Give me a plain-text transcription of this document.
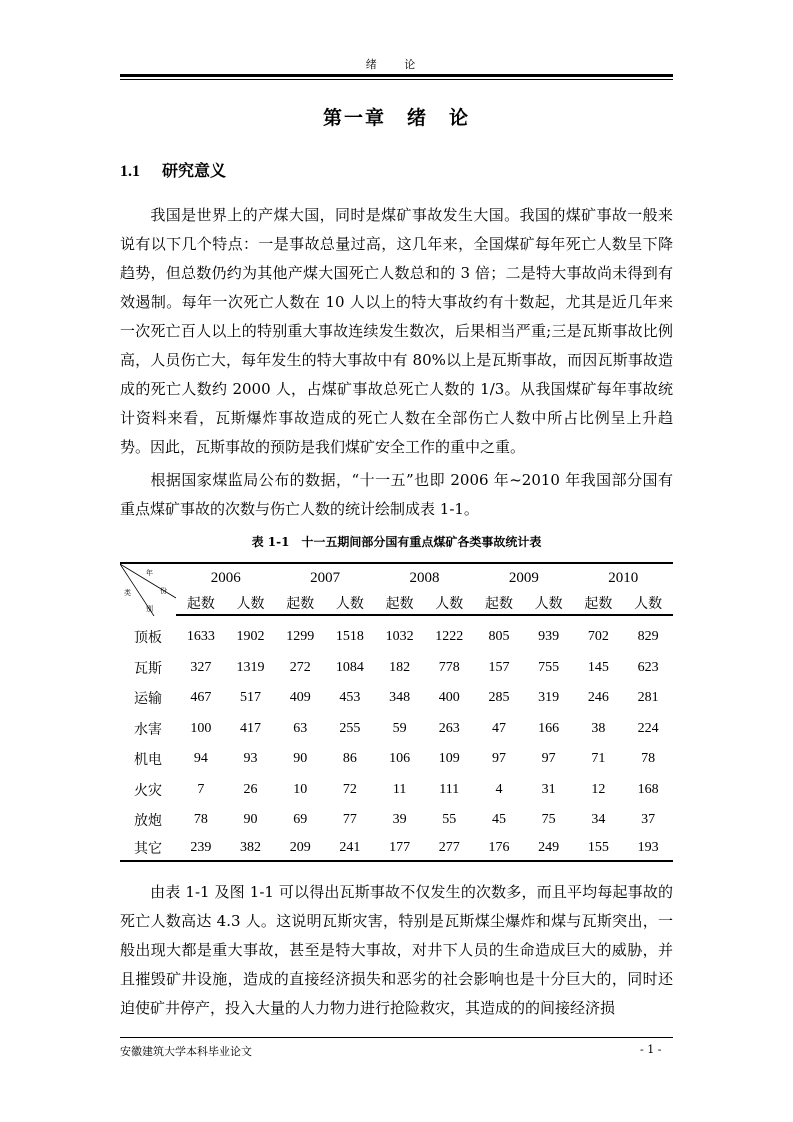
绪 论
第一章　绪　论
1.1 研究意义

我国是世界上的产煤大国，同时是煤矿事故发生大国。我国的煤矿事故一般来说有以下几个特点：一是事故总量过高，这几年来，全国煤矿每年死亡人数呈下降趋势，但总数仍约为其他产煤大国死亡人数总和的 3 倍；二是特大事故尚未得到有效遏制。每年一次死亡人数在 10 人以上的特大事故约有十数起，尤其是近几年来一次死亡百人以上的特别重大事故连续发生数次，后果相当严重;三是瓦斯事故比例高，人员伤亡大，每年发生的特大事故中有 80%以上是瓦斯事故，而因瓦斯事故造成的死亡人数约 2000 人，占煤矿事故总死亡人数的 1/3。从我国煤矿每年事故统计资料来看，瓦斯爆炸事故造成的死亡人数在全部伤亡人数中所占比例呈上升趋势。因此，瓦斯事故的预防是我们煤矿安全工作的重中之重。

根据国家煤监局公布的数据，“十一五”也即 2006 年~2010 年我国部分国有重点煤矿事故的次数与伤亡人数的统计绘制成表 1-1。

表 1-1　十一五期间部分国有重点煤矿各类事故统计表
年
份
类
别	2006		2007		2008		2009		2010	
	起数	人数	起数	人数	起数	人数	起数	人数	起数	人数
顶板	1633	1902	1299	1518	1032	1222	805	939	702	829
瓦斯	327	1319	272	1084	182	778	157	755	145	623
运输	467	517	409	453	348	400	285	319	246	281
水害	100	417	63	255	59	263	47	166	38	224
机电	94	93	90	86	106	109	97	97	71	78
火灾	7	26	10	72	11	111	4	31	12	168
放炮	78	90	69	77	39	55	45	75	34	37
其它	239	382	209	241	177	277	176	249	155	193

由表 1-1 及图 1-1 可以得出瓦斯事故不仅发生的次数多，而且平均每起事故的死亡人数高达 4.3 人。这说明瓦斯灾害，特别是瓦斯煤尘爆炸和煤与瓦斯突出，一般出现大都是重大事故，甚至是特大事故，对井下人员的生命造成巨大的威胁，并且摧毁矿井设施，造成的直接经济损失和恶劣的社会影响也是十分巨大的，同时还迫使矿井停产，投入大量的人力物力进行抢险救灾，其造成的的间接经济损

安徽建筑大学本科毕业论文	- 1 -
